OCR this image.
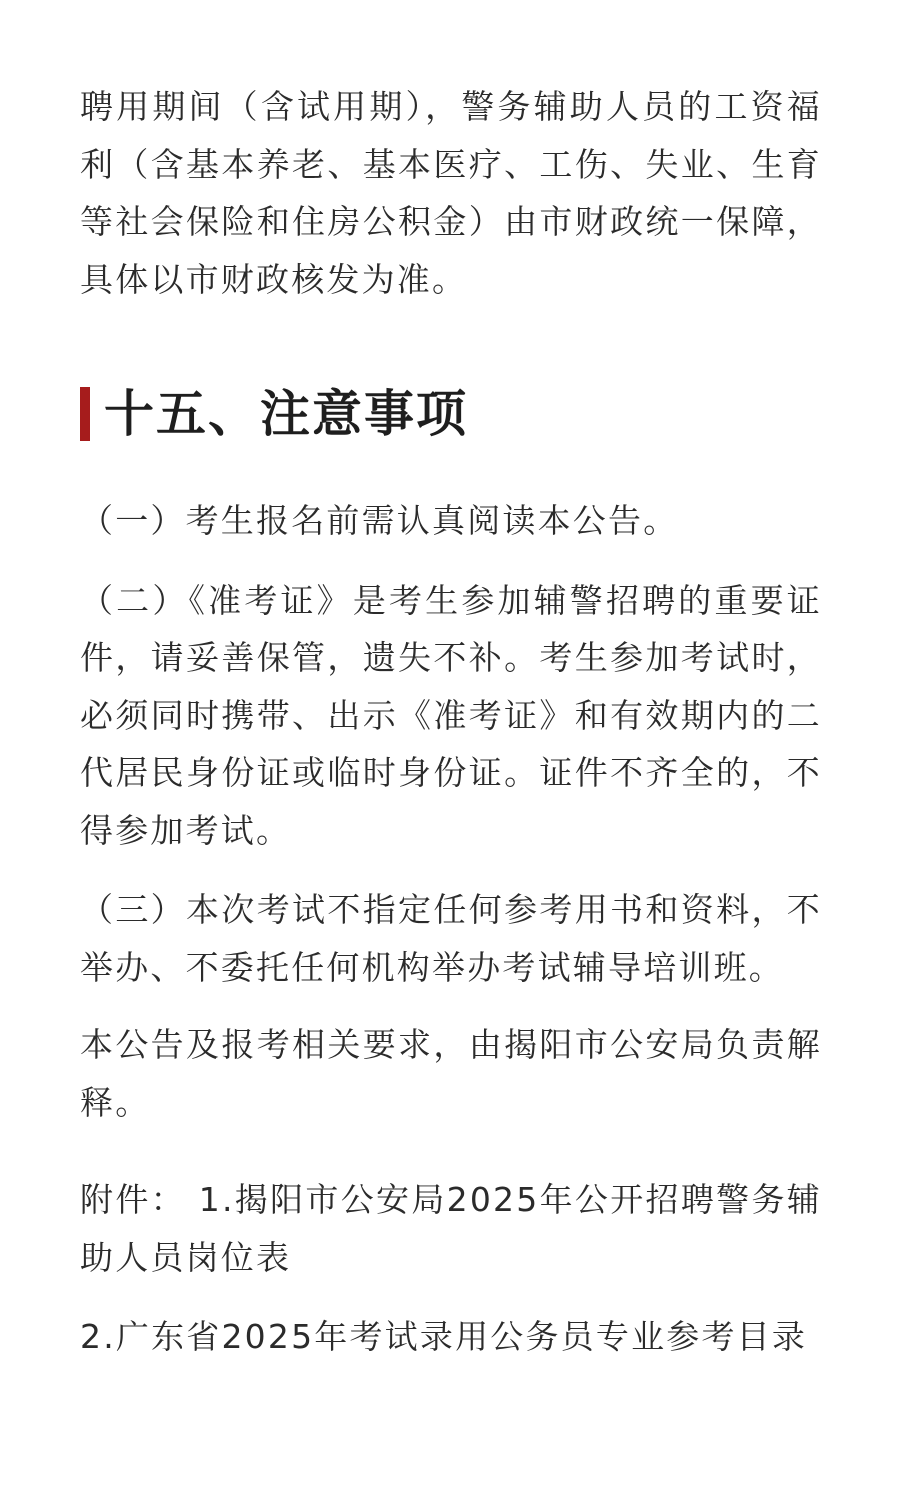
聘用期间（含试用期），警务辅助人员的工资福利（含基本养老、基本医疗、工伤、失业、生育等社会保险和住房公积金）由市财政统一保障，具体以市财政核发为准。

十五、注意事项

（一）考生报名前需认真阅读本公告。

（二）《准考证》是考生参加辅警招聘的重要证件，请妥善保管，遗失不补。考生参加考试时，必须同时携带、出示《准考证》和有效期内的二代居民身份证或临时身份证。证件不齐全的，不得参加考试。

（三）本次考试不指定任何参考用书和资料，不举办、不委托任何机构举办考试辅导培训班。

本公告及报考相关要求，由揭阳市公安局负责解释。

附件： 1.揭阳市公安局2025年公开招聘警务辅助人员岗位表

2.广东省2025年考试录用公务员专业参考目录
